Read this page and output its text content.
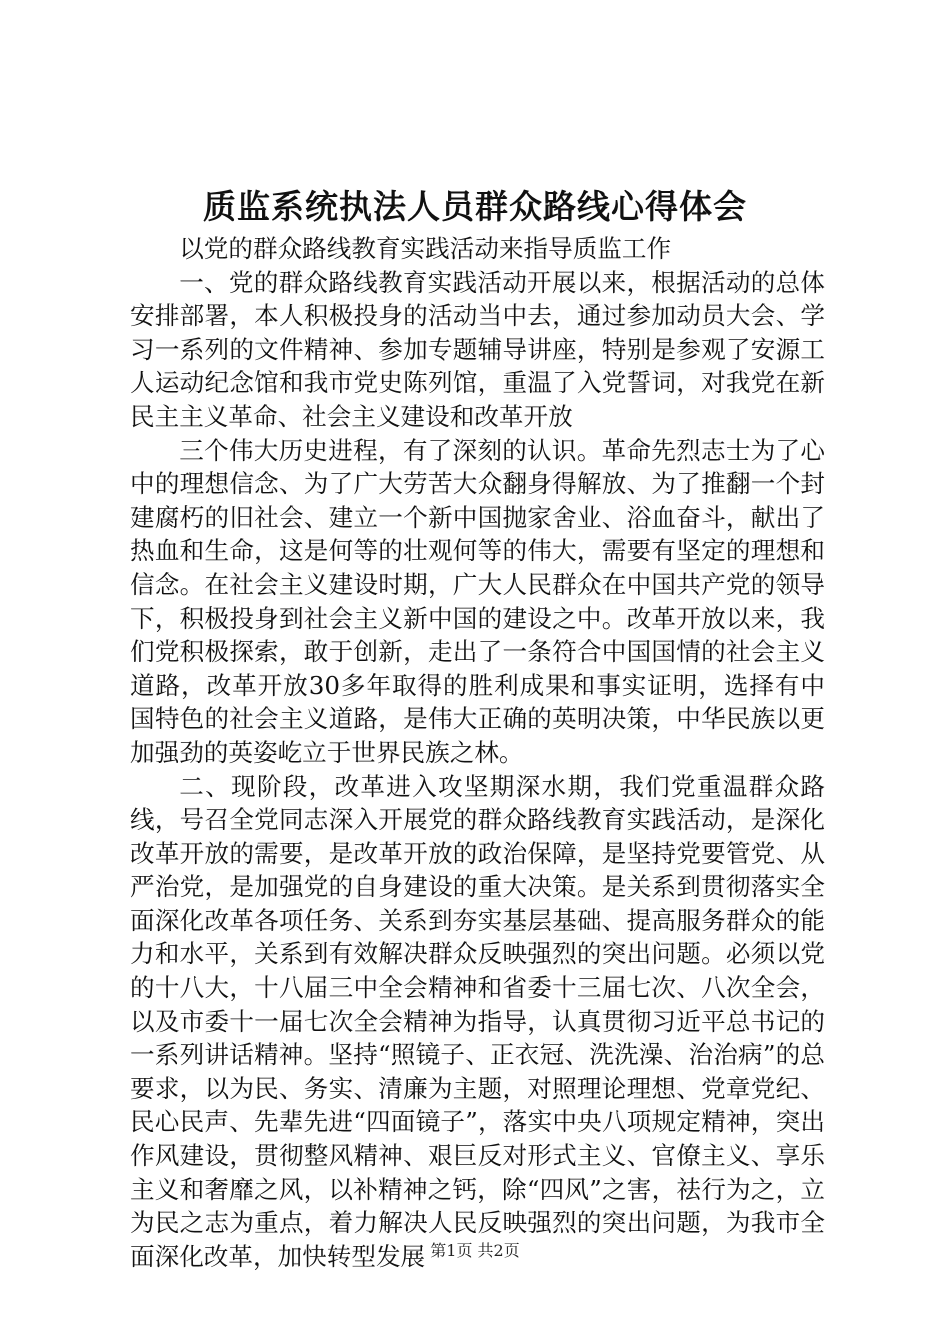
质监系统执法人员群众路线心得体会

以党的群众路线教育实践活动来指导质监工作

一、党的群众路线教育实践活动开展以来，根据活动的总体安排部署，本人积极投身的活动当中去，通过参加动员大会、学习一系列的文件精神、参加专题辅导讲座，特别是参观了安源工人运动纪念馆和我市党史陈列馆，重温了入党誓词，对我党在新民主主义革命、社会主义建设和改革开放

三个伟大历史进程，有了深刻的认识。革命先烈志士为了心中的理想信念、为了广大劳苦大众翻身得解放、为了推翻一个封建腐朽的旧社会、建立一个新中国抛家舍业、浴血奋斗，献出了热血和生命，这是何等的壮观何等的伟大，需要有坚定的理想和信念。在社会主义建设时期，广大人民群众在中国共产党的领导下，积极投身到社会主义新中国的建设之中。改革开放以来，我们党积极探索，敢于创新，走出了一条符合中国国情的社会主义道路，改革开放30多年取得的胜利成果和事实证明，选择有中国特色的社会主义道路，是伟大正确的英明决策，中华民族以更加强劲的英姿屹立于世界民族之林。

二、现阶段，改革进入攻坚期深水期，我们党重温群众路线，号召全党同志深入开展党的群众路线教育实践活动，是深化改革开放的需要，是改革开放的政治保障，是坚持党要管党、从严治党，是加强党的自身建设的重大决策。是关系到贯彻落实全面深化改革各项任务、关系到夯实基层基础、提高服务群众的能力和水平，关系到有效解决群众反映强烈的突出问题。必须以党的十八大，十八届三中全会精神和省委十三届七次、八次全会，以及市委十一届七次全会精神为指导，认真贯彻习近平总书记的一系列讲话精神。坚持“照镜子、正衣冠、洗洗澡、治治病”的总要求，以为民、务实、清廉为主题，对照理论理想、党章党纪、民心民声、先辈先进“四面镜子”，落实中央八项规定精神，突出作风建设，贯彻整风精神、艰巨反对形式主义、官僚主义、享乐主义和奢靡之风，以补精神之钙，除“四风”之害，祛行为之，立为民之志为重点，着力解决人民反映强烈的突出问题，为我市全面深化改革，加快转型发展 第1页 共2页
